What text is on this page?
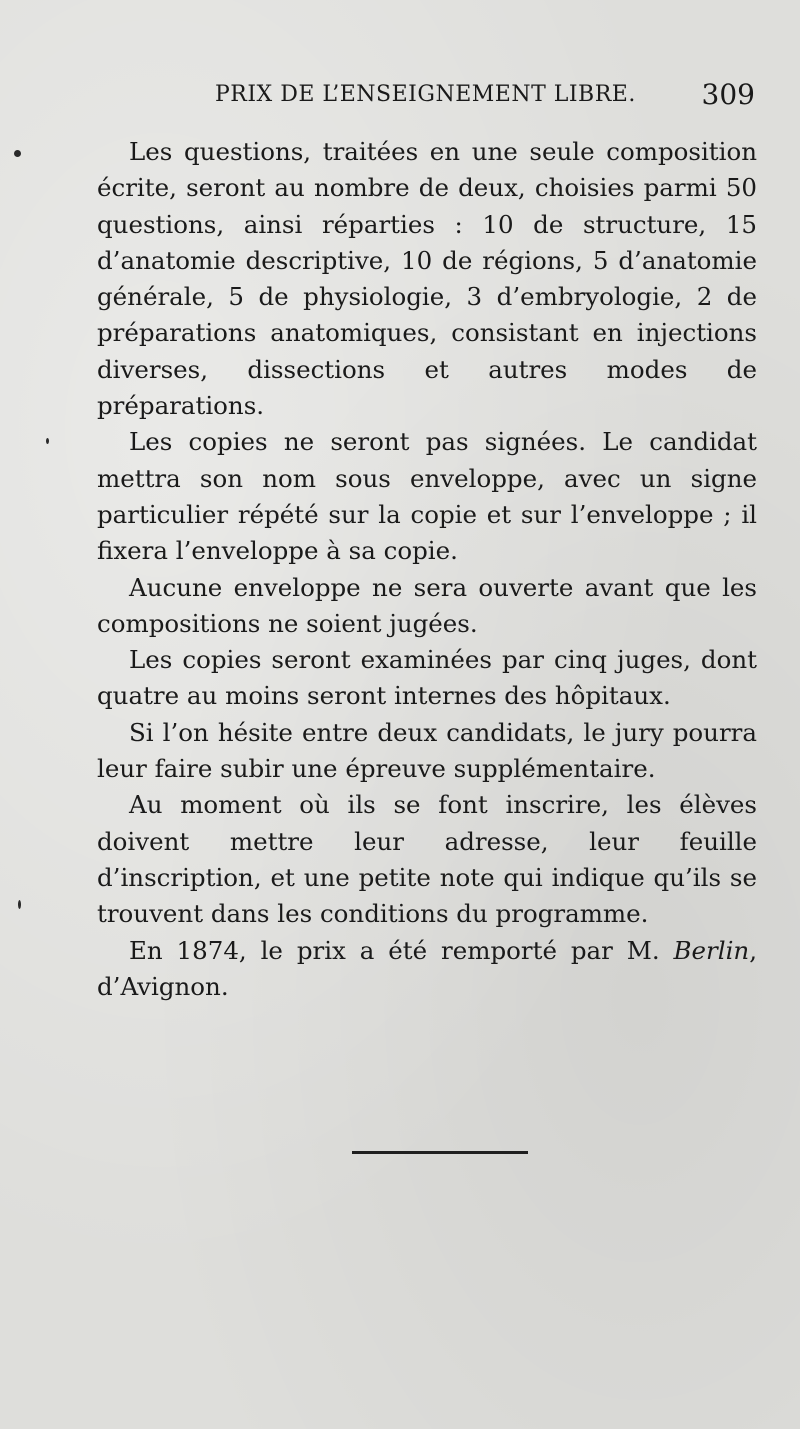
PRIX DE L’ENSEIGNEMENT LIBRE. 309

Les questions, traitées en une seule composition écrite, seront au nombre de deux, choisies parmi 50 questions, ainsi réparties : 10 de structure, 15 d’anatomie descriptive, 10 de régions, 5 d’anatomie générale, 5 de physiologie, 3 d’embryologie, 2 de préparations anatomiques, consistant en injections diverses, dissections et autres modes de préparations.

Les copies ne seront pas signées. Le candidat mettra son nom sous enveloppe, avec un signe particulier répété sur la copie et sur l’enveloppe ; il fixera l’enveloppe à sa copie.

Aucune enveloppe ne sera ouverte avant que les compositions ne soient jugées.

Les copies seront examinées par cinq juges, dont quatre au moins seront internes des hôpitaux.

Si l’on hésite entre deux candidats, le jury pourra leur faire subir une épreuve supplémentaire.

Au moment où ils se font inscrire, les élèves doivent mettre leur adresse, leur feuille d’inscription, et une petite note qui indique qu’ils se trouvent dans les conditions du programme.

En 1874, le prix a été remporté par M. Berlin, d’Avignon.
